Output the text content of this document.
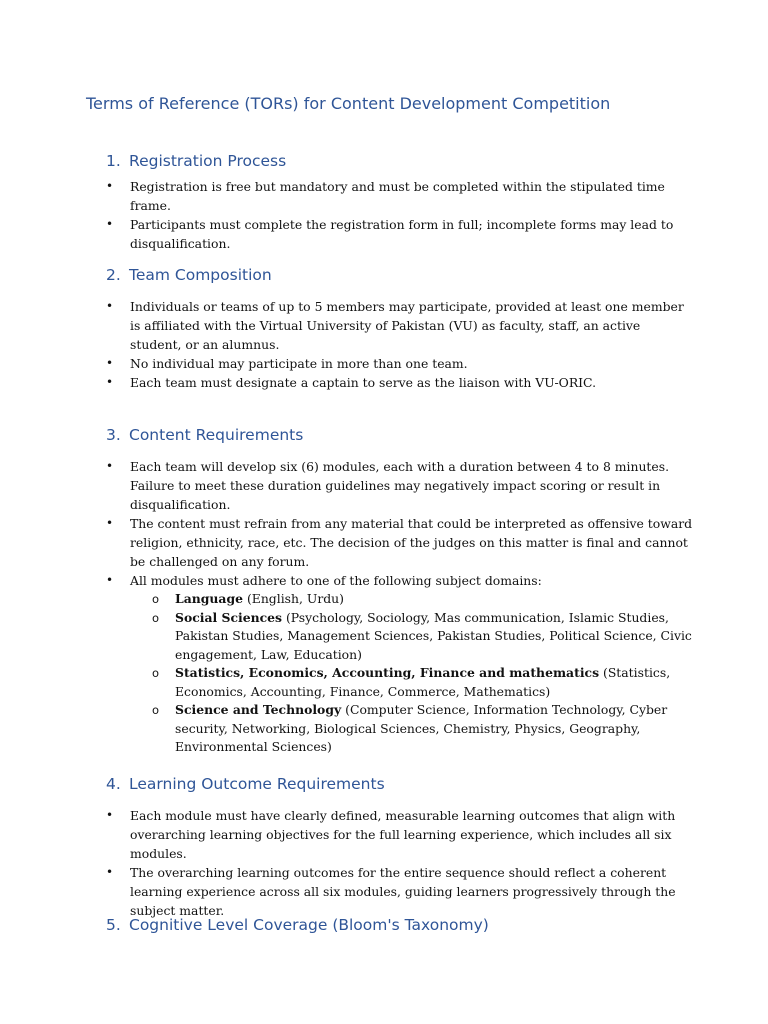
Terms of Reference (TORs) for Content Development Competition
1. Registration Process
• Registration is free but mandatory and must be completed within the stipulated time frame.
• Participants must complete the registration form in full; incomplete forms may lead to disqualification.
2. Team Composition
• Individuals or teams of up to 5 members may participate, provided at least one member is affiliated with the Virtual University of Pakistan (VU) as faculty, staff, an active student, or an alumnus.
• No individual may participate in more than one team.
• Each team must designate a captain to serve as the liaison with VU-ORIC.
3. Content Requirements
• Each team will develop six (6) modules, each with a duration between 4 to 8 minutes. Failure to meet these duration guidelines may negatively impact scoring or result in disqualification.
• The content must refrain from any material that could be interpreted as offensive toward religion, ethnicity, race, etc. The decision of the judges on this matter is final and cannot be challenged on any forum.
• All modules must adhere to one of the following subject domains:
o Language (English, Urdu)
o Social Sciences (Psychology, Sociology, Mas communication, Islamic Studies, Pakistan Studies, Management Sciences, Pakistan Studies, Political Science, Civic engagement, Law, Education)
o Statistics, Economics, Accounting, Finance and mathematics (Statistics, Economics, Accounting, Finance, Commerce, Mathematics)
o Science and Technology (Computer Science, Information Technology, Cyber security, Networking, Biological Sciences, Chemistry, Physics, Geography, Environmental Sciences)
4. Learning Outcome Requirements
• Each module must have clearly defined, measurable learning outcomes that align with overarching learning objectives for the full learning experience, which includes all six modules.
• The overarching learning outcomes for the entire sequence should reflect a coherent learning experience across all six modules, guiding learners progressively through the subject matter.
5. Cognitive Level Coverage (Bloom's Taxonomy)
